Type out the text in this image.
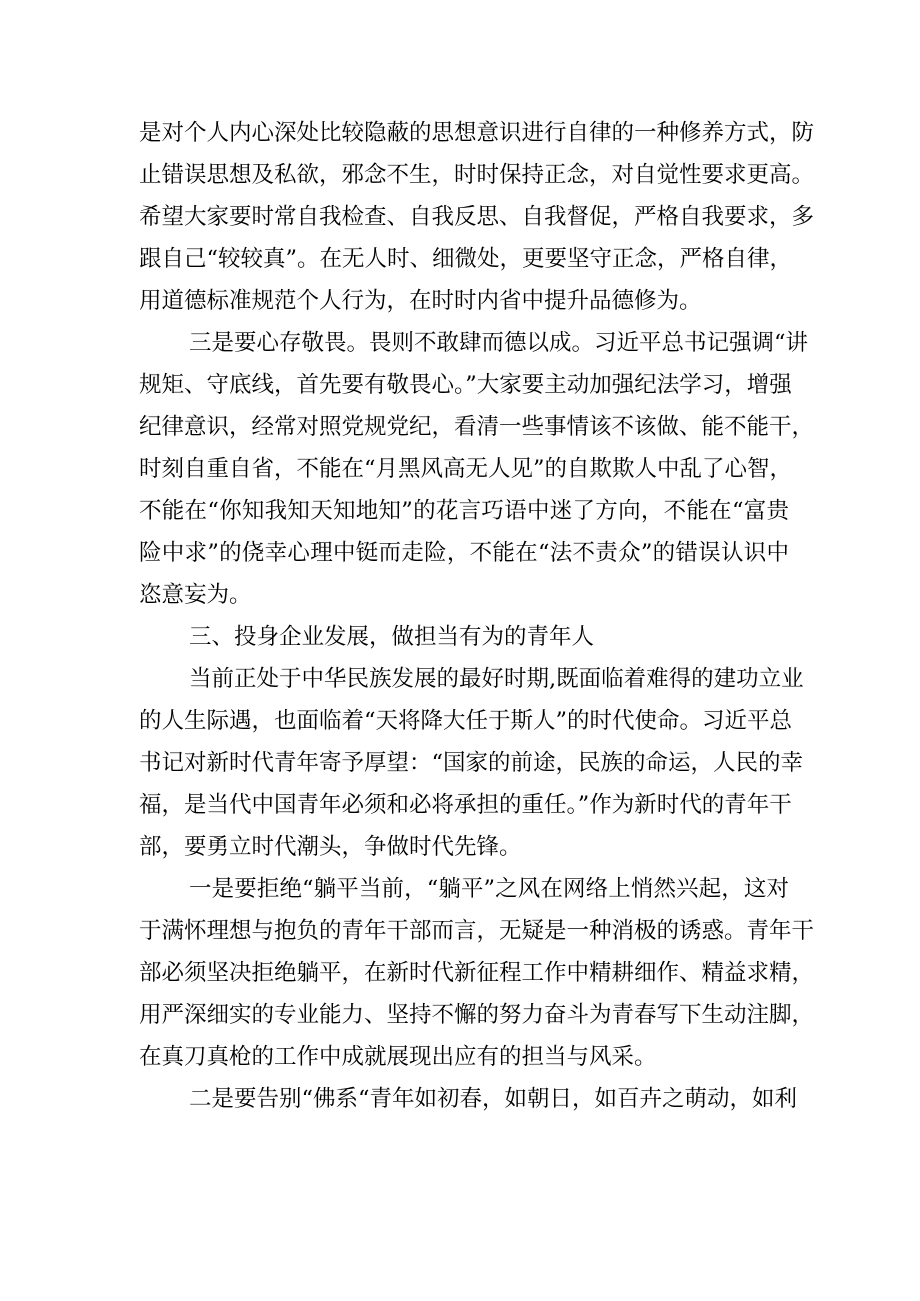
是对个人内心深处比较隐蔽的思想意识进行自律的一种修养方式，防
止错误思想及私欲，邪念不生，时时保持正念，对自觉性要求更高。
希望大家要时常自我检查、自我反思、自我督促，严格自我要求，多
跟自己“较较真”。在无人时、细微处，更要坚守正念，严格自律，
用道德标准规范个人行为，在时时内省中提升品德修为。
三是要心存敬畏。畏则不敢肆而德以成。习近平总书记强调“讲
规矩、守底线，首先要有敬畏心。”大家要主动加强纪法学习，增强
纪律意识，经常对照党规党纪，看清一些事情该不该做、能不能干，
时刻自重自省，不能在“月黑风高无人见”的自欺欺人中乱了心智，
不能在“你知我知天知地知”的花言巧语中迷了方向，不能在“富贵
险中求”的侥幸心理中铤而走险，不能在“法不责众”的错误认识中
恣意妄为。
三、投身企业发展，做担当有为的青年人
当前正处于中华民族发展的最好时期,既面临着难得的建功立业
的人生际遇，也面临着“天将降大任于斯人”的时代使命。习近平总
书记对新时代青年寄予厚望：“国家的前途，民族的命运，人民的幸
福，是当代中国青年必须和必将承担的重任。”作为新时代的青年干
部，要勇立时代潮头，争做时代先锋。
一是要拒绝“躺平当前，“躺平”之风在网络上悄然兴起，这对
于满怀理想与抱负的青年干部而言，无疑是一种消极的诱惑。青年干
部必须坚决拒绝躺平，在新时代新征程工作中精耕细作、精益求精，
用严深细实的专业能力、坚持不懈的努力奋斗为青春写下生动注脚，
在真刀真枪的工作中成就展现出应有的担当与风采。
二是要告别“佛系“青年如初春，如朝日，如百卉之萌动，如利
